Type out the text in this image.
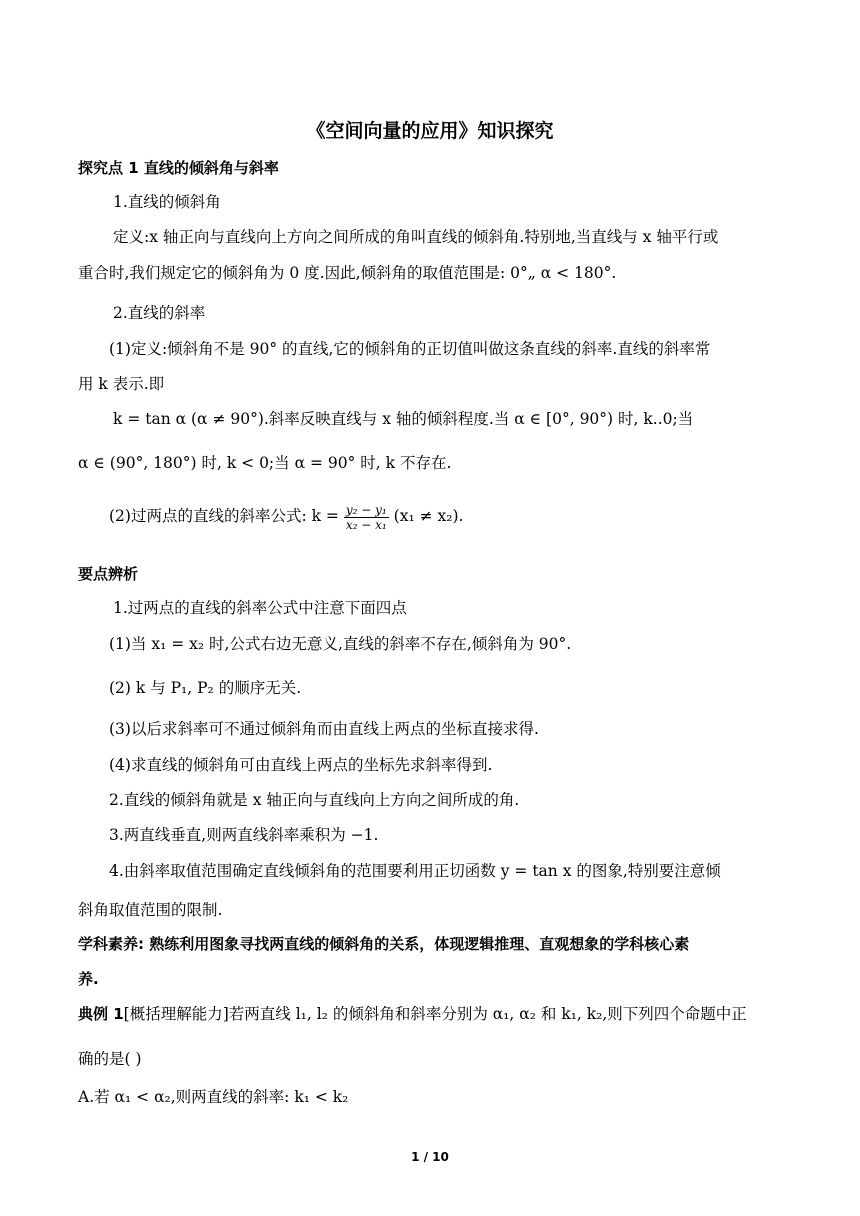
《空间向量的应用》知识探究
探究点 1 直线的倾斜角与斜率
1.直线的倾斜角
定义:x 轴正向与直线向上方向之间所成的角叫直线的倾斜角.特别地,当直线与 x 轴平行或
重合时,我们规定它的倾斜角为 0 度.因此,倾斜角的取值范围是: 0°„ α < 180°.
2.直线的斜率
(1)定义:倾斜角不是 90° 的直线,它的倾斜角的正切值叫做这条直线的斜率.直线的斜率常
用 k 表示.即
k = tan α (α ≠ 90°).斜率反映直线与 x 轴的倾斜程度.当 α ∈ [0°, 90°) 时, k..0;当
α ∈ (90°, 180°) 时, k < 0;当 α = 90° 时, k 不存在.
(2)过两点的直线的斜率公式: $k = \frac{\text{y₂ − y₁}}{\text{x₂ − x₁}} (x_1 \ne x_2)$.
要点辨析
1.过两点的直线的斜率公式中注意下面四点
(1)当 x₁ = x₂ 时,公式右边无意义,直线的斜率不存在,倾斜角为 90°.
(2) k 与 P₁, P₂ 的顺序无关.
(3)以后求斜率可不通过倾斜角而由直线上两点的坐标直接求得.
(4)求直线的倾斜角可由直线上两点的坐标先求斜率得到.
2.直线的倾斜角就是 x 轴正向与直线向上方向之间所成的角.
3.两直线垂直,则两直线斜率乘积为 −1.
4.由斜率取值范围确定直线倾斜角的范围要利用正切函数 y = tan x 的图象,特别要注意倾
斜角取值范围的限制.
学科素养: 熟练利用图象寻找两直线的倾斜角的关系，体现逻辑推理、直观想象的学科核心素
养.
典例 1[概括理解能力]若两直线 l₁, l₂ 的倾斜角和斜率分别为 α₁, α₂ 和 k₁, k₂,则下列四个命题中正
确的是( )
A.若 α₁ < α₂,则两直线的斜率: k₁ < k₂
1 / 10
